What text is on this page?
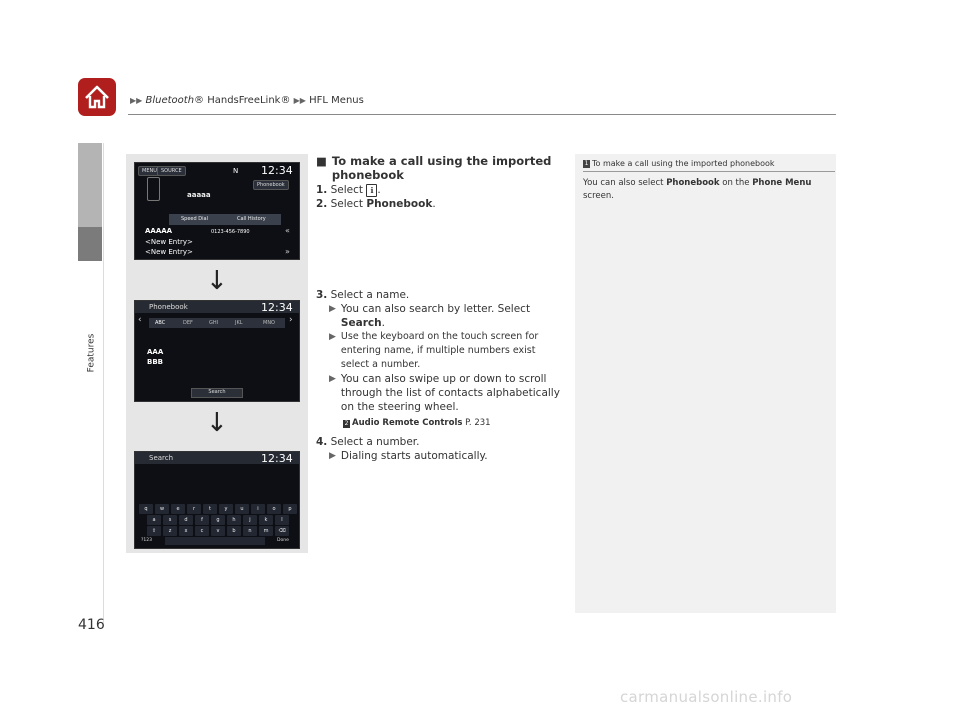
▶▶ Bluetooth® HandsFreeLink® ▶▶ HFL Menus
Features
416
MENU SOURCE	N 12:34
Phonebook
aaaaa
Speed Dial	Call History
AAAAA	0123-456-7890
<New Entry>
<New Entry>
«
»
↓
Phonebook	12:34
‹	›
ABC	DEF	GHI	JKL	MNO
AAA
BBB
Search
↓
Search	12:34
q	w	e	r	t	y	u	i	o	p
a	s	d	f	g	h	j	k	l
⇧	z	x	c	v	b	n	m	⌫
?123	Done
■ To make a call using the imported phonebook
1. Select ℹ .
2. Select Phonebook.
3. Select a name.
▶ You can also search by letter. Select
Search.
▶ Use the keyboard on the touch screen for entering name, if multiple numbers exist select a number.
▶ You can also swipe up or down to scroll through the list of contacts alphabetically on the steering wheel.
2 Audio Remote Controls P. 231
4. Select a number.
▶ Dialing starts automatically.
1 To make a call using the imported phonebook
You can also select Phonebook on the Phone Menu screen.
carmanualsonline.info
